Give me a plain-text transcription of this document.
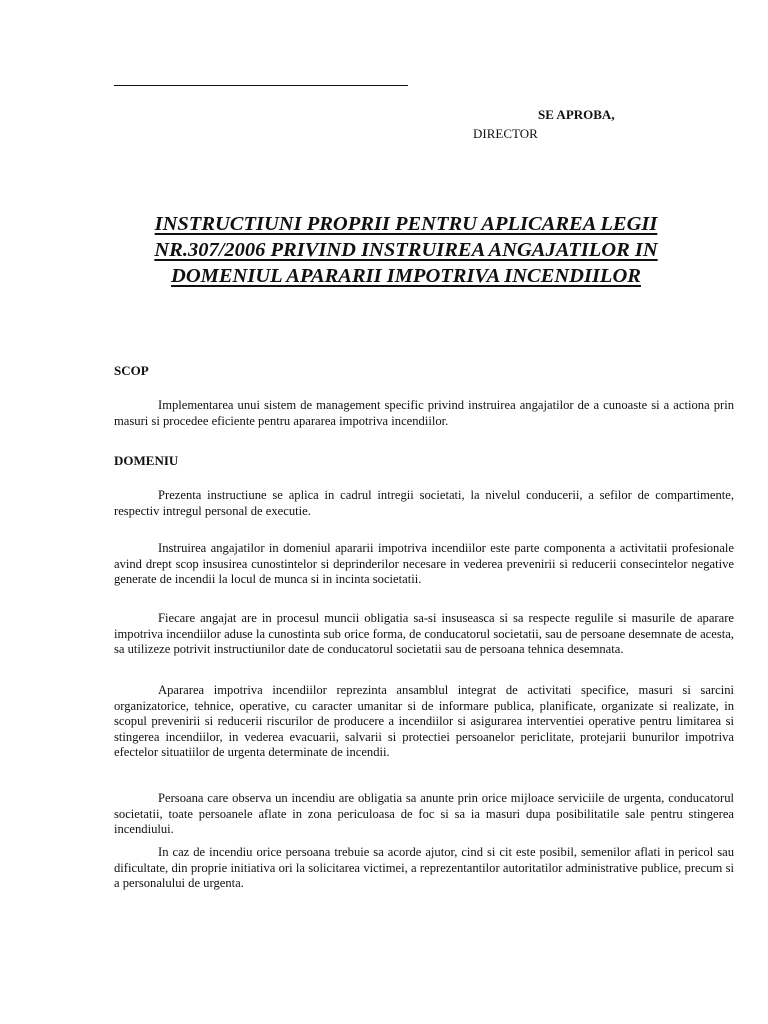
SE APROBA,
DIRECTOR
INSTRUCTIUNI PROPRII PENTRU APLICAREA LEGII
NR.307/2006 PRIVIND INSTRUIREA ANGAJATILOR IN
DOMENIUL APARARII IMPOTRIVA INCENDIILOR
SCOP

Implementarea unui sistem de management specific privind instruirea angajatilor de a cunoaste si a actiona prin masuri si procedee eficiente pentru apararea impotriva incendiilor.

DOMENIU

Prezenta instructiune se aplica in cadrul intregii societati, la nivelul conducerii, a sefilor de compartimente, respectiv intregul personal de executie.

Instruirea angajatilor in domeniul apararii impotriva incendiilor este parte componenta a activitatii profesionale avind drept scop insusirea cunostintelor si deprinderilor necesare in vederea prevenirii si reducerii consecintelor negative generate de incendii la locul de munca si in incinta societatii.

Fiecare angajat are in procesul muncii obligatia sa-si insuseasca si sa respecte regulile si masurile de aparare impotriva incendiilor aduse la cunostinta sub orice forma, de conducatorul societatii, sau de persoane desemnate de acesta, sa utilizeze potrivit instructiunilor date de conducatorul societatii sau de persoana tehnica desemnata.

Apararea impotriva incendiilor reprezinta ansamblul integrat de activitati specifice, masuri si sarcini organizatorice, tehnice, operative, cu caracter umanitar si de informare publica, planificate, organizate si realizate, in scopul prevenirii si reducerii riscurilor de producere a incendiilor si asigurarea interventiei operative pentru limitarea si stingerea incendiilor, in vederea evacuarii, salvarii si protectiei persoanelor periclitate, protejarii bunurilor impotriva efectelor situatiilor de urgenta determinate de incendii.

Persoana care observa un incendiu are obligatia sa anunte prin orice mijloace serviciile de urgenta, conducatorul societatii, toate persoanele aflate in zona periculoasa de foc si sa ia masuri dupa posibilitatile sale pentru stingerea incendiului.

In caz de incendiu orice persoana trebuie sa acorde ajutor, cind si cit este posibil, semenilor aflati in pericol sau dificultate, din proprie initiativa ori la solicitarea victimei, a reprezentantilor autoritatilor administrative publice, precum si a personalului de urgenta.
